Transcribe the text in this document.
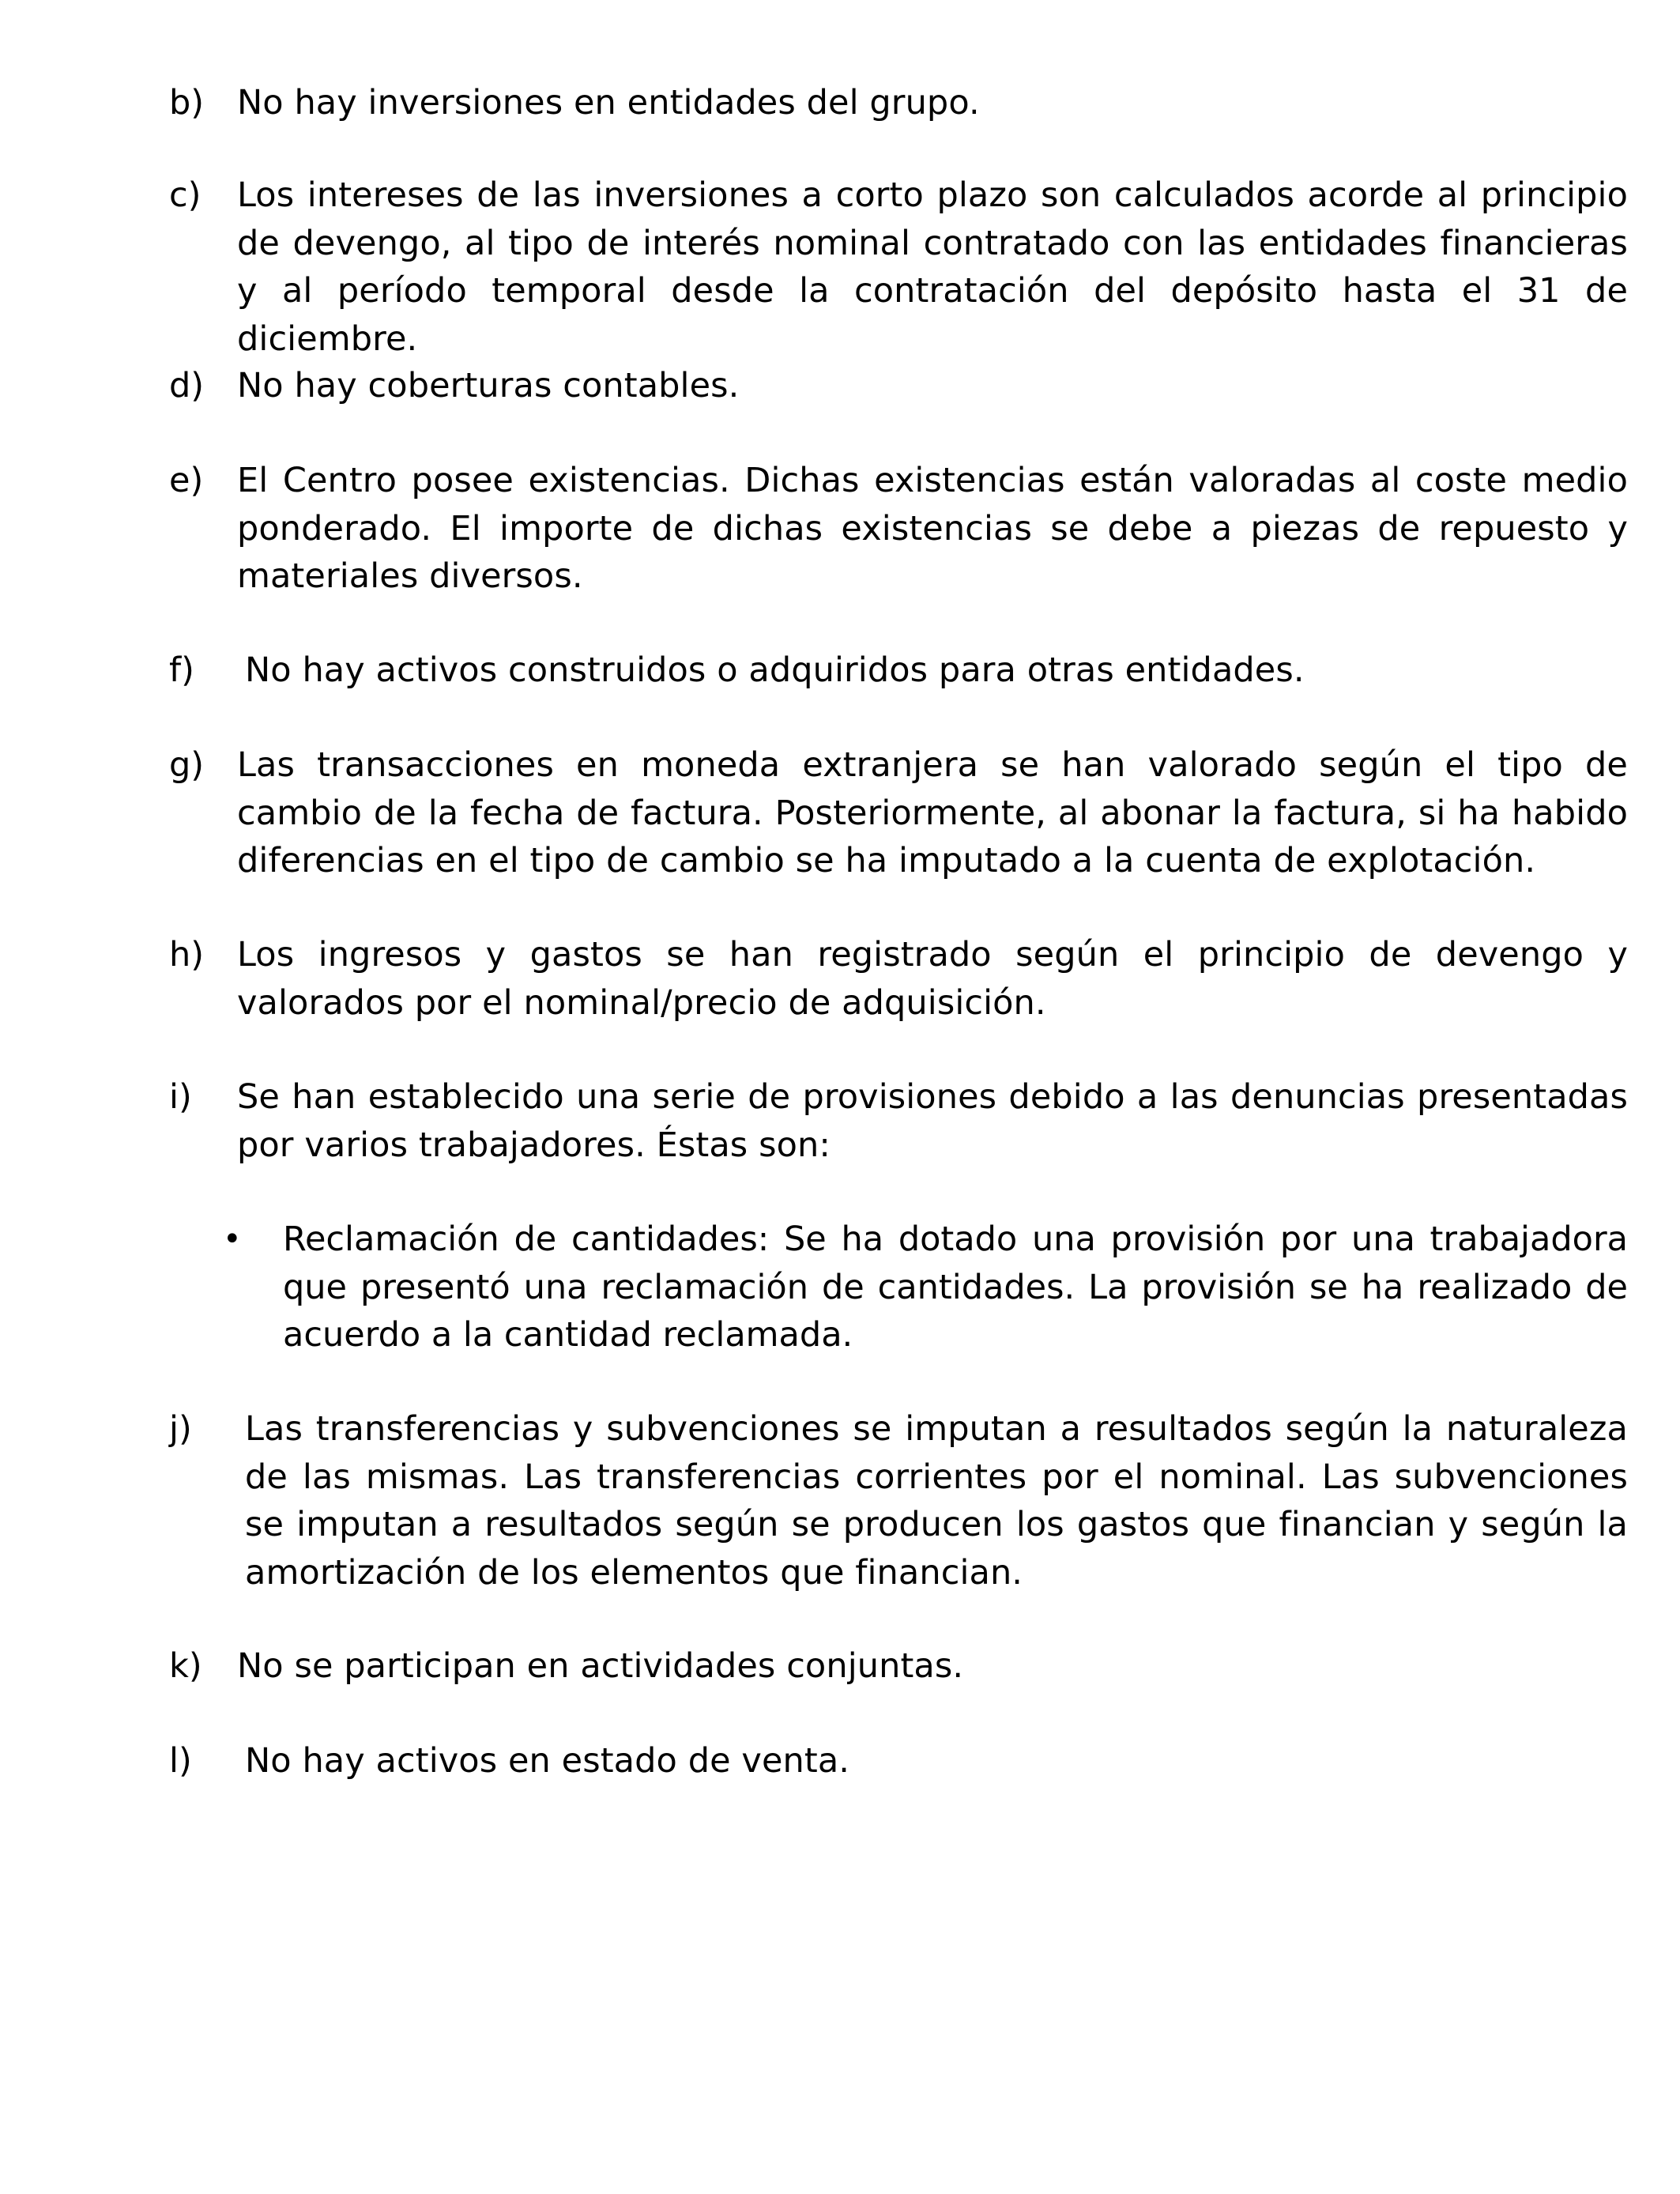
b) No hay inversiones en entidades del grupo.
c) Los intereses de las inversiones a corto plazo son calculados acorde al principio de devengo, al tipo de interés nominal contratado con las entidades financieras y al período temporal desde la contratación del depósito hasta el 31 de diciembre.
d) No hay coberturas contables.
e) El Centro posee existencias. Dichas existencias están valoradas al coste medio ponderado. El importe de dichas existencias se debe a piezas de repuesto y materiales diversos.
f) No hay activos construidos o adquiridos para otras entidades.
g) Las transacciones en moneda extranjera se han valorado según el tipo de cambio de la fecha de factura. Posteriormente, al abonar la factura, si ha habido diferencias en el tipo de cambio se ha imputado a la cuenta de explotación.
h) Los ingresos y gastos se han registrado según el principio de devengo y valorados por el nominal/precio de adquisición.
i) Se han establecido una serie de provisiones debido a las denuncias presentadas por varios trabajadores. Éstas son:
• Reclamación de cantidades: Se ha dotado una provisión por una trabajadora que presentó una reclamación de cantidades. La provisión se ha realizado de acuerdo a la cantidad reclamada.
j) Las transferencias y subvenciones se imputan a resultados según la naturaleza de las mismas. Las transferencias corrientes por el nominal. Las subvenciones se imputan a resultados según se producen los gastos que financian y según la amortización de los elementos que financian.
k) No se participan en actividades conjuntas.
l) No hay activos en estado de venta.
